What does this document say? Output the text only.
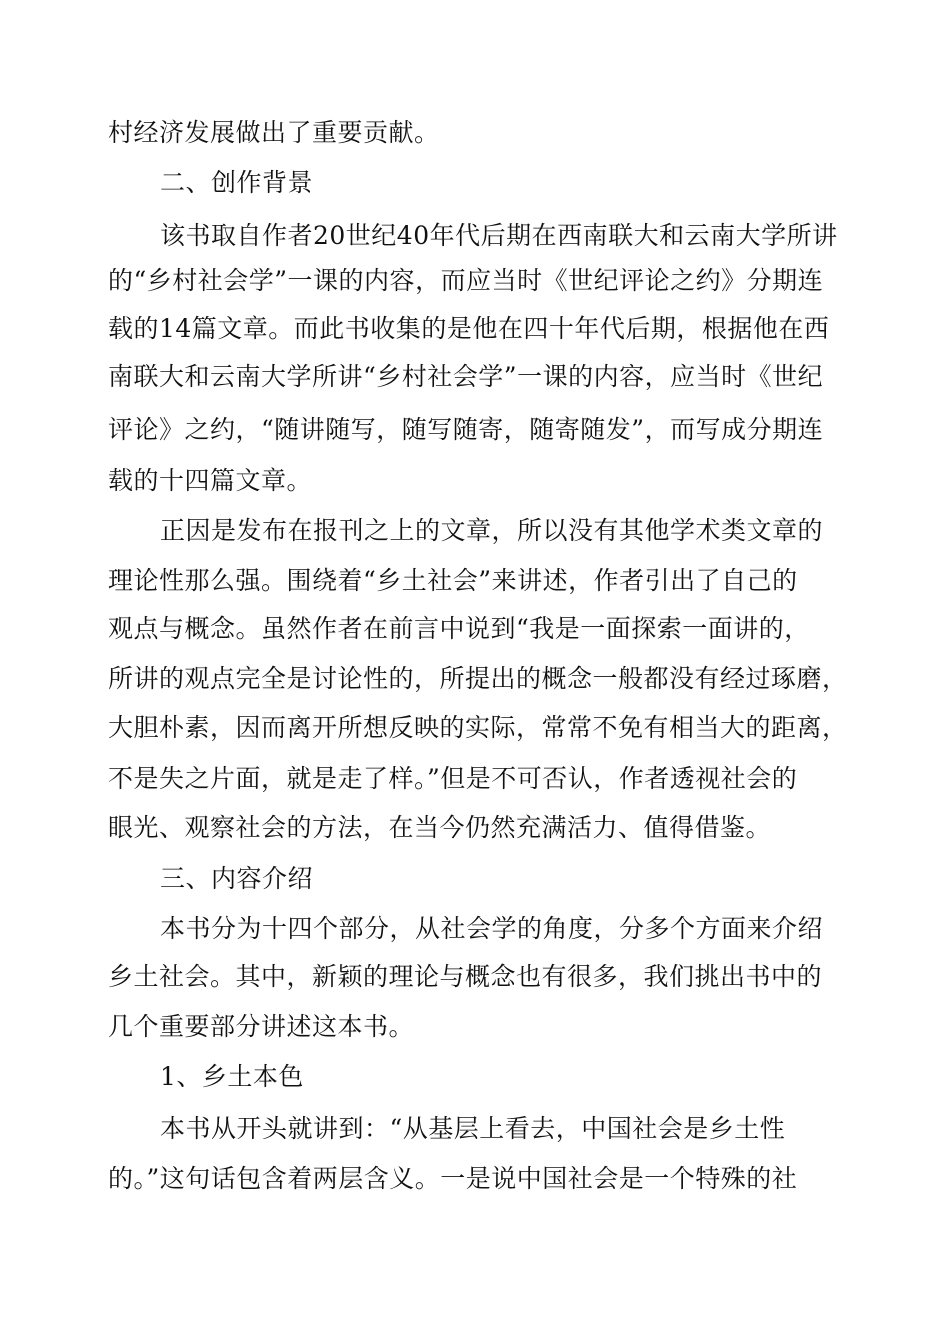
村经济发展做出了重要贡献。
二、创作背景
该书取自作者20世纪40年代后期在西南联大和云南大学所讲
的“乡村社会学”一课的内容，而应当时《世纪评论之约》分期连
载的14篇文章。而此书收集的是他在四十年代后期，根据他在西
南联大和云南大学所讲“乡村社会学”一课的内容，应当时《世纪
评论》之约，“随讲随写，随写随寄，随寄随发”，而写成分期连
载的十四篇文章。
正因是发布在报刊之上的文章，所以没有其他学术类文章的
理论性那么强。围绕着“乡土社会”来讲述，作者引出了自己的
观点与概念。虽然作者在前言中说到“我是一面探索一面讲的，
所讲的观点完全是讨论性的，所提出的概念一般都没有经过琢磨，
大胆朴素，因而离开所想反映的实际，常常不免有相当大的距离，
不是失之片面，就是走了样。”但是不可否认，作者透视社会的
眼光、观察社会的方法，在当今仍然充满活力、值得借鉴。
三、内容介绍
本书分为十四个部分，从社会学的角度，分多个方面来介绍
乡土社会。其中，新颖的理论与概念也有很多，我们挑出书中的
几个重要部分讲述这本书。
1、乡土本色
本书从开头就讲到：“从基层上看去，中国社会是乡土性
的。”这句话包含着两层含义。一是说中国社会是一个特殊的社
